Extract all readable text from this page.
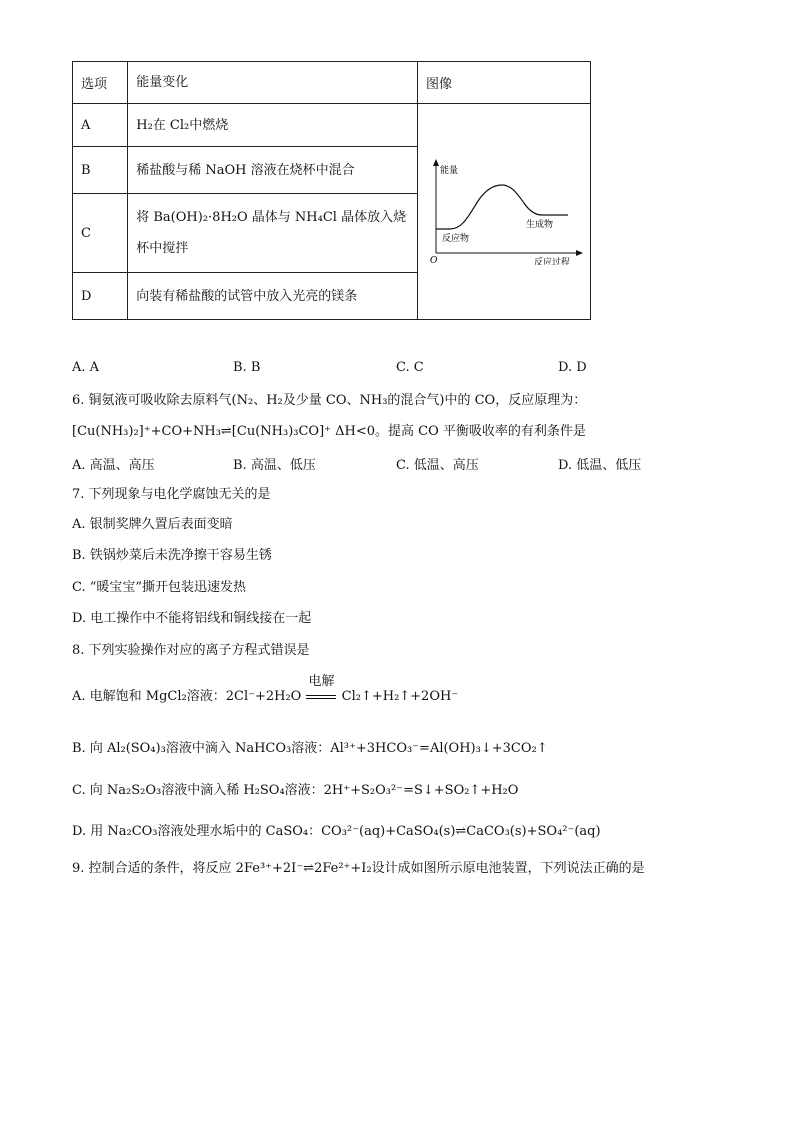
选项	能量变化	图像
A	H₂在 Cl₂中燃烧	能量
反应物
生成物
O 反应过程

B	稀盐酸与稀 NaOH 溶液在烧杯中混合	
C	将 Ba(OH)₂·8H₂O 晶体与 NH₄Cl 晶体放入烧杯中搅拌	
D	向装有稀盐酸的试管中放入光亮的镁条	
A. A	B. B	C. C	D. D
6. 铜氨液可吸收除去原料气(N₂、H₂及少量 CO、NH₃的混合气)中的 CO，反应原理为：
[Cu(NH₃)₂]⁺+CO+NH₃⇌[Cu(NH₃)₃CO]⁺ ΔH<0。提高 CO 平衡吸收率的有利条件是
A. 高温、高压	B. 高温、低压	C. 低温、高压	D. 低温、低压
7. 下列现象与电化学腐蚀无关的是
A. 银制奖牌久置后表面变暗
B. 铁锅炒菜后未洗净擦干容易生锈
C. “暖宝宝”撕开包装迅速发热
D. 电工操作中不能将铝线和铜线接在一起
8. 下列实验操作对应的离子方程式错误是
A. 电解饱和 MgCl₂溶液：2Cl⁻+2H₂O
电解
Cl₂↑+H₂↑+2OH⁻
B. 向 Al₂(SO₄)₃溶液中滴入 NaHCO₃溶液：Al³⁺+3HCO₃⁻=Al(OH)₃↓+3CO₂↑
C. 向 Na₂S₂O₃溶液中滴入稀 H₂SO₄溶液：2H⁺+S₂O₃²⁻=S↓+SO₂↑+H₂O
D. 用 Na₂CO₃溶液处理水垢中的 CaSO₄：CO₃²⁻(aq)+CaSO₄(s)⇌CaCO₃(s)+SO₄²⁻(aq)
9. 控制合适的条件，将反应 2Fe³⁺+2I⁻⇌2Fe²⁺+I₂设计成如图所示原电池装置，下列说法正确的是
